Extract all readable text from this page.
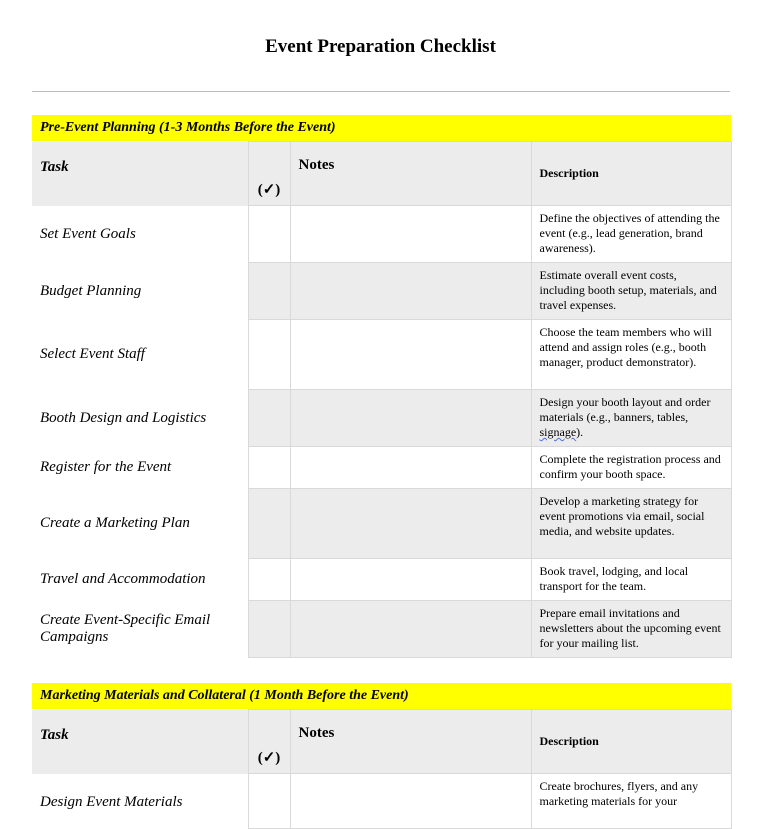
Event Preparation Checklist
Pre-Event Planning (1-3 Months Before the Event)
Task	(✓)	Notes	Description
Set Event Goals			Define the objectives of attending the event (e.g., lead generation, brand awareness).
Budget Planning			Estimate overall event costs, including booth setup, materials, and travel expenses.
Select Event Staff			Choose the team members who will attend and assign roles (e.g., booth manager, product demonstrator).
Booth Design and Logistics			Design your booth layout and order materials (e.g., banners, tables, signage).
Register for the Event			Complete the registration process and confirm your booth space.
Create a Marketing Plan			Develop a marketing strategy for event promotions via email, social media, and website updates.
Travel and Accommodation			Book travel, lodging, and local transport for the team.
Create Event-Specific Email Campaigns			Prepare email invitations and newsletters about the upcoming event for your mailing list.
Marketing Materials and Collateral (1 Month Before the Event)
Task	(✓)	Notes	Description
Design Event Materials			Create brochures, flyers, and any marketing materials for your
